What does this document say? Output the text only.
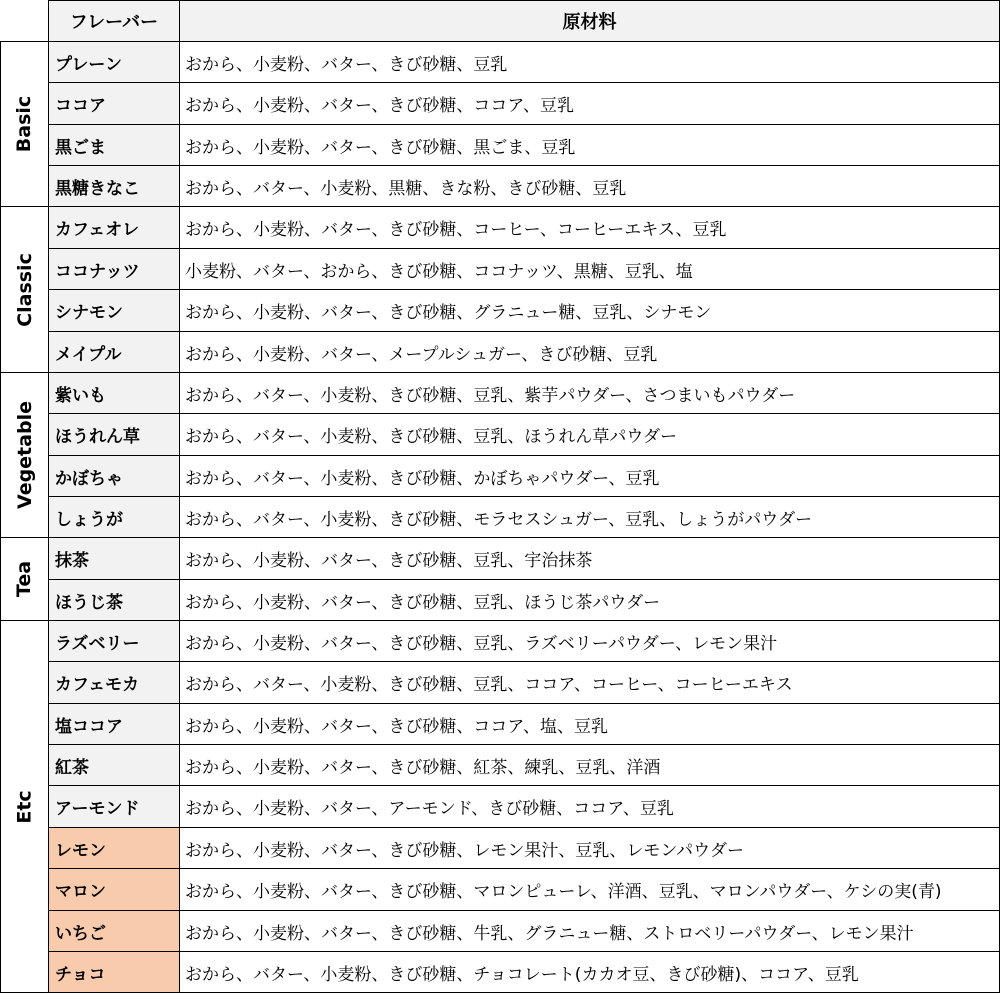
フレーバー	原材料
Basic
プレーン	おから、小麦粉、バター、きび砂糖、豆乳
ココア	おから、小麦粉、バター、きび砂糖、ココア、豆乳
黒ごま	おから、小麦粉、バター、きび砂糖、黒ごま、豆乳
黒糖きなこ	おから、バター、小麦粉、黒糖、きな粉、きび砂糖、豆乳
Classic
カフェオレ	おから、小麦粉、バター、きび砂糖、コーヒー、コーヒーエキス、豆乳
ココナッツ	小麦粉、バター、おから、きび砂糖、ココナッツ、黒糖、豆乳、塩
シナモン	おから、小麦粉、バター、きび砂糖、グラニュー糖、豆乳、シナモン
メイプル	おから、小麦粉、バター、メープルシュガー、きび砂糖、豆乳
Vegetable
紫いも	おから、バター、小麦粉、きび砂糖、豆乳、紫芋パウダー、さつまいもパウダー
ほうれん草	おから、バター、小麦粉、きび砂糖、豆乳、ほうれん草パウダー
かぼちゃ	おから、バター、小麦粉、きび砂糖、かぼちゃパウダー、豆乳
しょうが	おから、バター、小麦粉、きび砂糖、モラセスシュガー、豆乳、しょうがパウダー
Tea	抹茶	おから、小麦粉、バター、きび砂糖、豆乳、宇治抹茶
ほうじ茶	おから、小麦粉、バター、きび砂糖、豆乳、ほうじ茶パウダー
Etc
ラズベリー	おから、小麦粉、バター、きび砂糖、豆乳、ラズベリーパウダー、レモン果汁
カフェモカ	おから、バター、小麦粉、きび砂糖、豆乳、ココア、コーヒー、コーヒーエキス
塩ココア	おから、小麦粉、バター、きび砂糖、ココア、塩、豆乳
紅茶	おから、小麦粉、バター、きび砂糖、紅茶、練乳、豆乳、洋酒
アーモンド	おから、小麦粉、バター、アーモンド、きび砂糖、ココア、豆乳
レモン	おから、小麦粉、バター、きび砂糖、レモン果汁、豆乳、レモンパウダー
マロン	おから、小麦粉、バター、きび砂糖、マロンピューレ、洋酒、豆乳、マロンパウダー、ケシの実(青)
いちご	おから、小麦粉、バター、きび砂糖、牛乳、グラニュー糖、ストロベリーパウダー、レモン果汁
チョコ	おから、バター、小麦粉、きび砂糖、チョコレート(カカオ豆、きび砂糖)、ココア、豆乳
